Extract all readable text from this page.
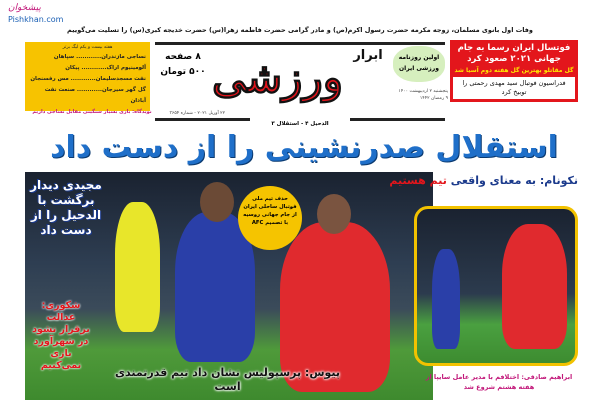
پیشخوان
Pishkhan.com
وفات اول بانوی مسلمان، زوجه مکرمه حضرت رسول اکرم(ص) و مادر گرامی حضرت فاطمه زهرا(س) حضرت خدیجه کبری(س) را تسلیت می‌گوییم
هفته بیست و یکم لیگ برتر
نساجی مازندران............ سپاهان
آلومینیوم اراک............ پیکان
نفت مسجدسلیمان............ مس رفسنجان
گل گهر سیرجان............ صنعت نفت آبادان
۸ صفحه
۵۰۰ تومان ورزشی ابرار	اولین روزنامه ورزشی ایران
پنجشنبه ۲ اردیبهشت ۱۴۰۰
۹ رمضان ۱۴۴۲
۲۲ آوریل ۲۰۲۱ - شماره ۳۶۵۴
فوتسال ایران رسما به جام جهانی ۲۰۲۱ صعود کرد
گل مقاتلو بهترین گل هفته دوم آسیا شد
فدراسیون فوتبال سید مهدی رحمتی را توبیخ کرد
نویدگاه: بازی بسیار سنگینی مقابل نساجی داریم
الدحیل ۴ - استقلال ۳
استقلال صدرنشینی را از دست داد
نکونام: به معنای واقعی تیم هستیم
حذف تیم ملی فوتبال ساحلی ایران از جام جهانی روسیه با تصمیم AFC
مجیدی دیدار برگشت با الدحیل را از دست داد
شکوری: عدالت برقرار نشود در شهرآورد بازی نمی‌کنیم
پیوس: پرسپولیس نشان داد تیم قدرتمندی است
ابراهیم صادقی: اختلافم با مدیر عامل سایپا از هفته هشتم شروع شد
